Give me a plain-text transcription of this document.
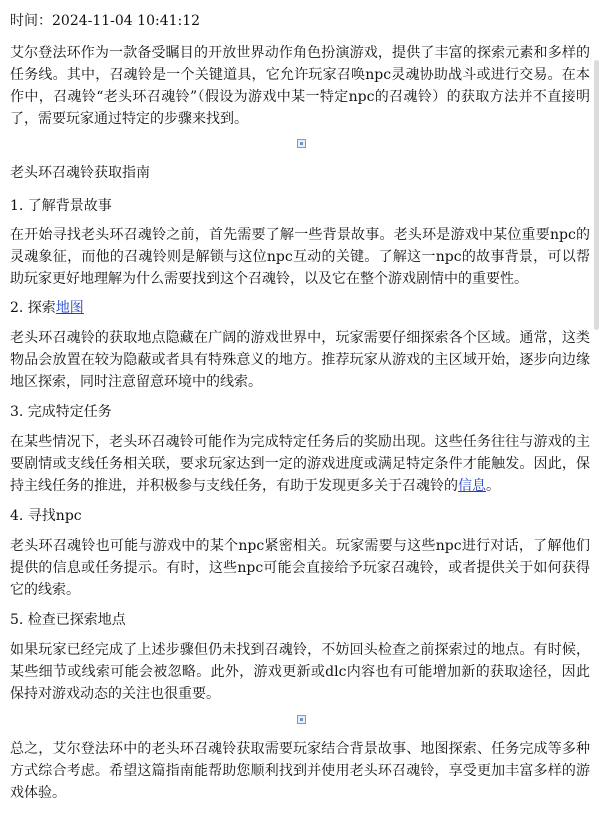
时间：2024-11-04 10:41:12

艾尔登法环作为一款备受瞩目的开放世界动作角色扮演游戏，提供了丰富的探索元素和多样的任务线。其中，召魂铃是一个关键道具，它允许玩家召唤npc灵魂协助战斗或进行交易。在本作中，召魂铃“老头环召魂铃”（假设为游戏中某一特定npc的召魂铃）的获取方法并不直接明了，需要玩家通过特定的步骤来找到。

老头环召魂铃获取指南
1. 了解背景故事

在开始寻找老头环召魂铃之前，首先需要了解一些背景故事。老头环是游戏中某位重要npc的灵魂象征，而他的召魂铃则是解锁与这位npc互动的关键。了解这一npc的故事背景，可以帮助玩家更好地理解为什么需要找到这个召魂铃，以及它在整个游戏剧情中的重要性。

2. 探索地图

老头环召魂铃的获取地点隐藏在广阔的游戏世界中，玩家需要仔细探索各个区域。通常，这类物品会放置在较为隐蔽或者具有特殊意义的地方。推荐玩家从游戏的主区域开始，逐步向边缘地区探索，同时注意留意环境中的线索。

3. 完成特定任务

在某些情况下，老头环召魂铃可能作为完成特定任务后的奖励出现。这些任务往往与游戏的主要剧情或支线任务相关联，要求玩家达到一定的游戏进度或满足特定条件才能触发。因此，保持主线任务的推进，并积极参与支线任务，有助于发现更多关于召魂铃的信息。

4. 寻找npc

老头环召魂铃也可能与游戏中的某个npc紧密相关。玩家需要与这些npc进行对话，了解他们提供的信息或任务提示。有时，这些npc可能会直接给予玩家召魂铃，或者提供关于如何获得它的线索。

5. 检查已探索地点

如果玩家已经完成了上述步骤但仍未找到召魂铃，不妨回头检查之前探索过的地点。有时候，某些细节或线索可能会被忽略。此外，游戏更新或dlc内容也有可能增加新的获取途径，因此保持对游戏动态的关注也很重要。

总之，艾尔登法环中的老头环召魂铃获取需要玩家结合背景故事、地图探索、任务完成等多种方式综合考虑。希望这篇指南能帮助您顺利找到并使用老头环召魂铃，享受更加丰富多样的游戏体验。
